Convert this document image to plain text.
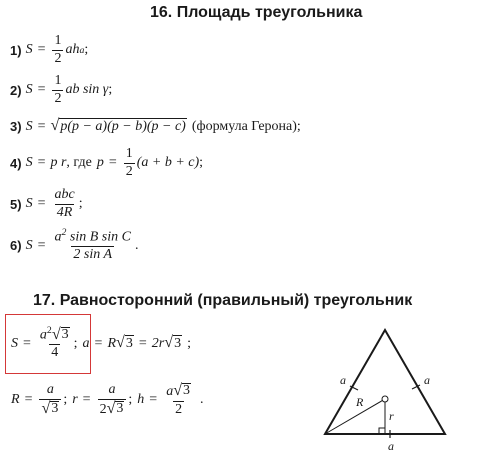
16. Площадь треугольника
1) $S = \frac{1}{2}$ a h a ;
2) $S = \frac{1}{2}$ ab sin γ ;
3) S = √ p(p − a)(p − b)(p − c) (формула Герона);
4) S = p r , где $p = \frac{1}{2} (a + b + c)$ ;
5) $S = \frac{\text{abc}}{4R}$ ;
6) $S = \frac{a^2 \sin B \sin C}{\text{2 sin A}}$ .
17. Равносторонний (правильный) треугольник
$S = \frac{a^2 √ 3}{4}$ ; a = R √ 3 = 2r √ 3 ;
$R = \frac{a}{√ 3}$ ; $r = \frac{a}{2 √ 3}$ ; $h = \frac{a √ 3}{2}$ .
a	a
a
R
r
